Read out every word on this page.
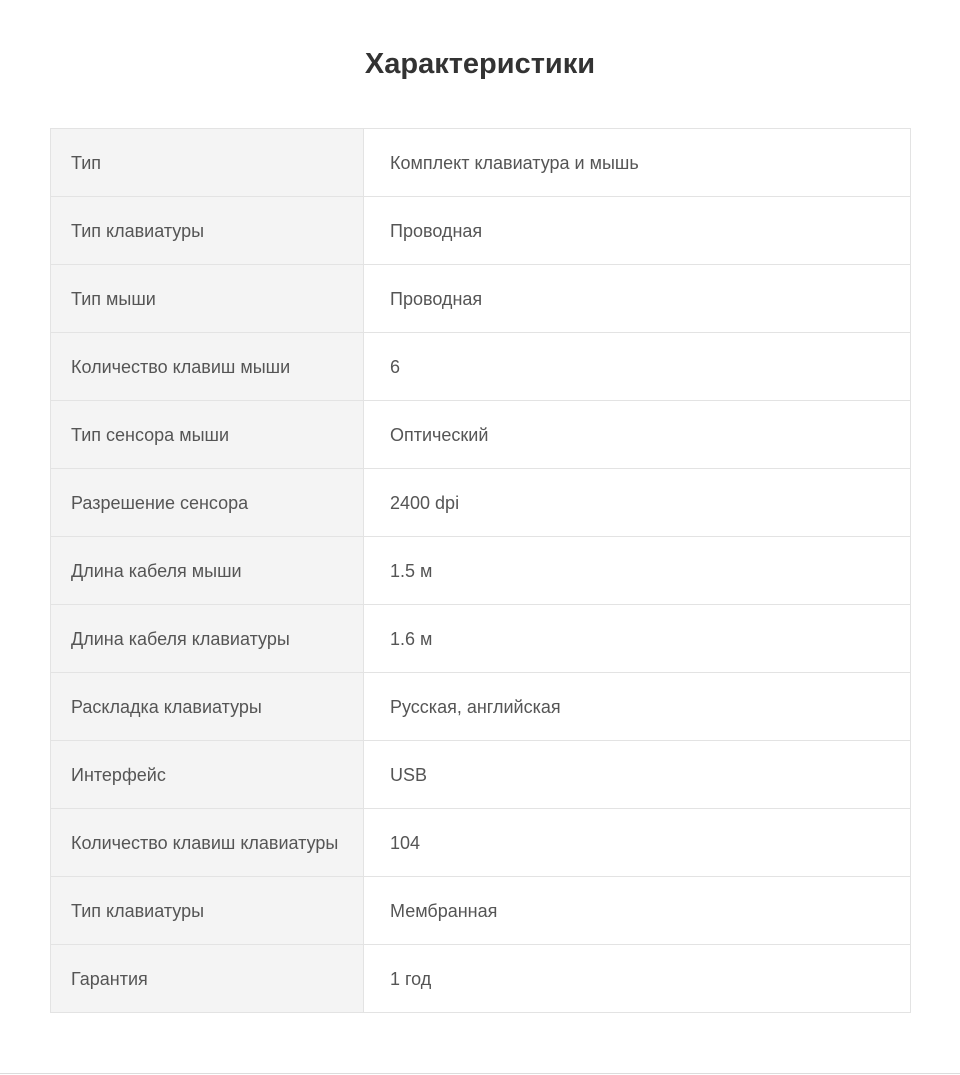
Характеристики
Тип	Комплект клавиатура и мышь
Тип клавиатуры	Проводная
Тип мыши	Проводная
Количество клавиш мыши	6
Тип сенсора мыши	Оптический
Разрешение сенсора	2400 dpi
Длина кабеля мыши	1.5 м
Длина кабеля клавиатуры	1.6 м
Раскладка клавиатуры	Русская, английская
Интерфейс	USB
Количество клавиш клавиатуры	104
Тип клавиатуры	Мембранная
Гарантия	1 год
